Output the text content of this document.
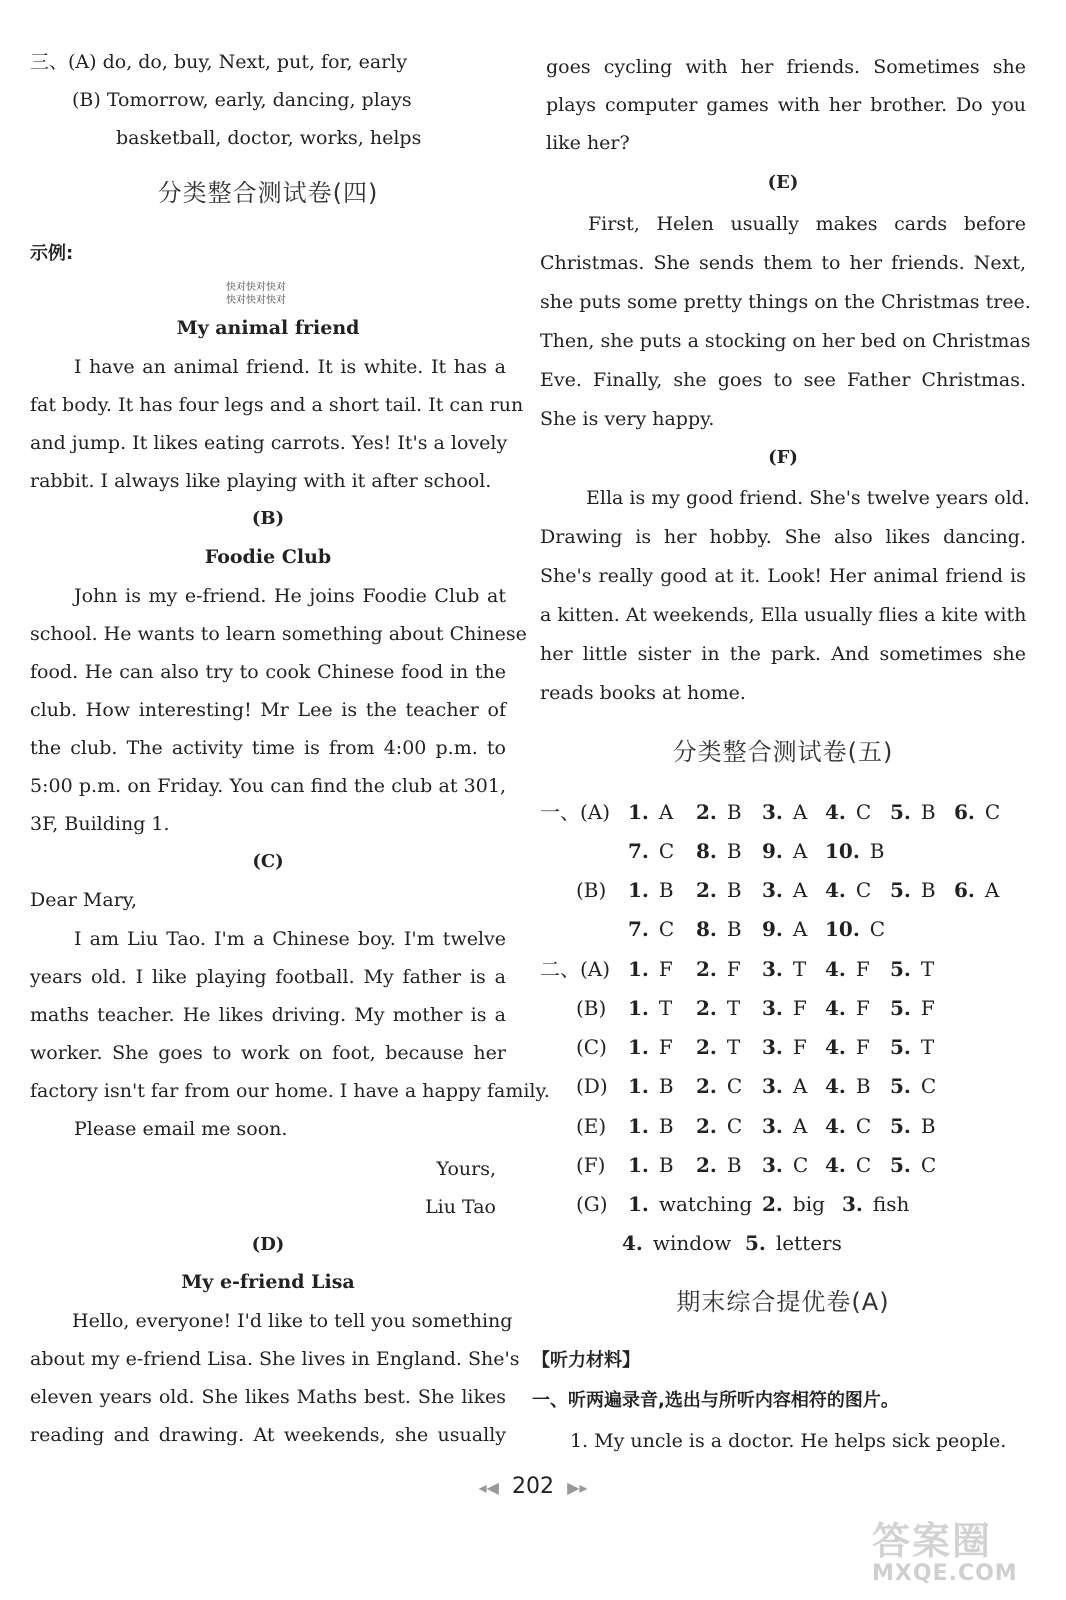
三、(A) do, do, buy, Next, put, for, early
(B) Tomorrow, early, dancing, plays
basketball, doctor, works, helps
分类整合测试卷(四)
示例:
快对快对快对
快对快对快对
My animal friend
I have an animal friend. It is white. It has a
fat body. It has four legs and a short tail. It can run
and jump. It likes eating carrots. Yes! It's a lovely
rabbit. I always like playing with it after school.
(B)
Foodie Club
John is my e-friend. He joins Foodie Club at
school. He wants to learn something about Chinese
food. He can also try to cook Chinese food in the
club. How interesting! Mr Lee is the teacher of
the club. The activity time is from 4:00 p.m. to
5:00 p.m. on Friday. You can find the club at 301,
3F, Building 1.
(C)
Dear Mary,
I am Liu Tao. I'm a Chinese boy. I'm twelve
years old. I like playing football. My father is a
maths teacher. He likes driving. My mother is a
worker. She goes to work on foot, because her
factory isn't far from our home. I have a happy family.
Please email me soon.
Yours,
Liu Tao
(D)
My e-friend Lisa
Hello, everyone! I'd like to tell you something
about my e-friend Lisa. She lives in England. She's
eleven years old. She likes Maths best. She likes
reading and drawing. At weekends, she usually
goes cycling with her friends. Sometimes she
plays computer games with her brother. Do you
like her?
(E)
First, Helen usually makes cards before
Christmas. She sends them to her friends. Next,
she puts some pretty things on the Christmas tree.
Then, she puts a stocking on her bed on Christmas
Eve. Finally, she goes to see Father Christmas.
She is very happy.
(F)
Ella is my good friend. She's twelve years old.
Drawing is her hobby. She also likes dancing.
She's really good at it. Look! Her animal friend is
a kitten. At weekends, Ella usually flies a kite with
her little sister in the park. And sometimes she
reads books at home.
分类整合测试卷(五)
一、(A) 1. A 2. B 3. A 4. C 5. B 6. C
7. C 8. B 9. A 10. B
(B) 1. B 2. B 3. A 4. C 5. B 6. A
7. C 8. B 9. A 10. C
二、(A) 1. F 2. F 3. T 4. F 5. T
(B) 1. T 2. T 3. F 4. F 5. F
(C) 1. F 2. T 3. F 4. F 5. T
(D) 1. B 2. C 3. A 4. B 5. C
(E) 1. B 2. C 3. A 4. C 5. B
(F) 1. B 2. B 3. C 4. C 5. C
(G) 1. watching 2. big 3. fish
4. window 5. letters
期末综合提优卷(A)
【听力材料】
一、听两遍录音,选出与所听内容相符的图片。
1. My uncle is a doctor. He helps sick people.
◂◀ 202 ▶▸
答案圈
MXQE.COM
